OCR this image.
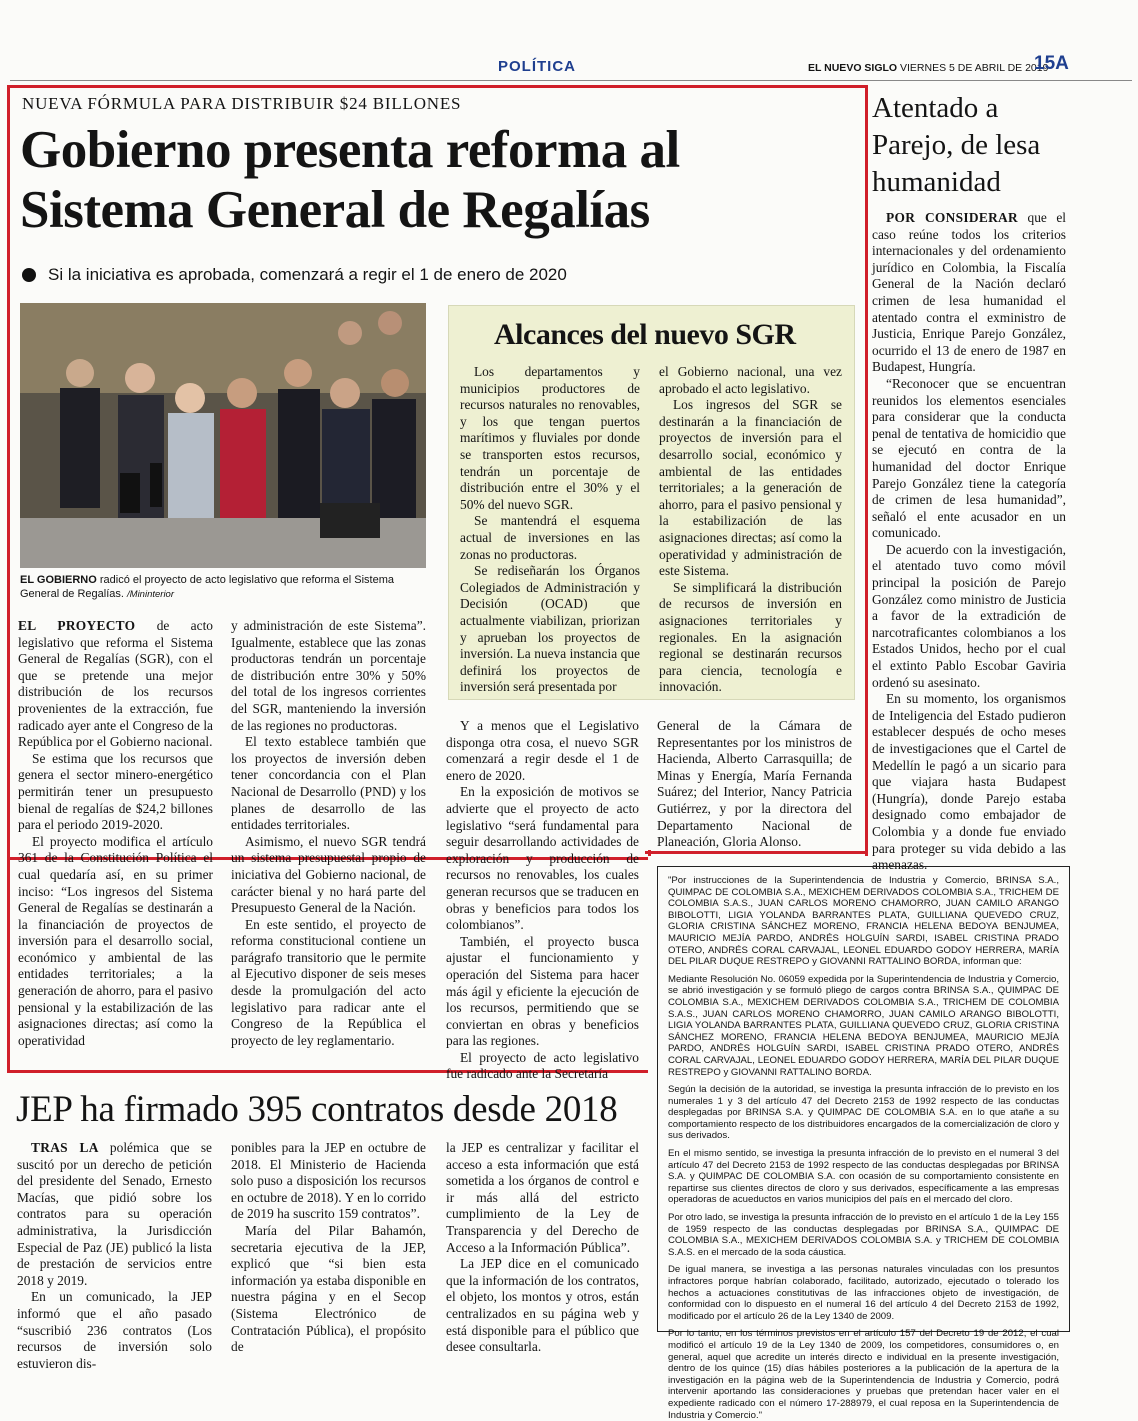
POLÍTICA	EL NUEVO SIGLO VIERNES 5 DE ABRIL DE 2019
15A
NUEVA FÓRMULA PARA DISTRIBUIR $24 BILLONES
Gobierno presenta reforma al
Sistema General de Regalías
Si la iniciativa es aprobada, comenzará a regir el 1 de enero de 2020
EL GOBIERNO radicó el proyecto de acto legislativo que reforma el Sistema General de Regalías. /Mininterior
Alcances del nuevo SGR

Los departamentos y municipios productores de recursos naturales no renovables, y los que tengan puertos marítimos y fluviales por donde se transporten estos recursos, tendrán un porcentaje de distribución entre el 30% y el 50% del nuevo SGR.

Se mantendrá el esquema actual de inversiones en las zonas no productoras.

Se redisеñarán los Órganos Colegiados de Administración y Decisión (OCAD) que actualmente viabilizan, priorizan y aprueban los proyectos de inversión. La nueva instancia que definirá los proyectos de inversión será presentada por

el Gobierno nacional, una vez aprobado el acto legislativo.

Los ingresos del SGR se destinarán a la financiación de proyectos de inversión para el desarrollo social, económico y ambiental de las entidades territoriales; a la generación de ahorro, para el pasivo pensional y la estabilización de las asignaciones directas; así como la operatividad y administración de este Sistema.

Se simplificará la distribución de recursos de inversión en asignaciones territoriales y regionales. En la asignación regional se destinarán recursos para ciencia, tecnología e innovación.

EL PROYECTO de acto legislativo que reforma el Sistema General de Regalías (SGR), con el que se pretende una mejor distribución de los recursos provenientes de la extracción, fue radicado ayer ante el Congreso de la República por el Gobierno nacional.

Se estima que los recursos que genera el sector minero-energético permitirán tener un presupuesto bienal de regalías de $24,2 billones para el periodo 2019-2020.

El proyecto modifica el artículo 361 de la Constitución Política el cual quedaría así, en su primer inciso: “Los ingresos del Sistema General de Regalías se destinarán a la financiación de proyectos de inversión para el desarrollo social, económico y ambiental de las entidades territoriales; a la generación de ahorro, para el pasivo pensional y la estabilización de las asignaciones directas; así como la operatividad

y administración de este Sistema”. Igualmente, establece que las zonas productoras tendrán un porcentaje de distribución entre 30% y 50% del total de los ingresos corrientes del SGR, manteniendo la inversión de las regiones no productoras.

El texto establece también que los proyectos de inversión deben tener concordancia con el Plan Nacional de Desarrollo (PND) y los planes de desarrollo de las entidades territoriales.

Asimismo, el nuevo SGR tendrá un sistema presupuestal propio de iniciativa del Gobierno nacional, de carácter bienal y no hará parte del Presupuesto General de la Nación.

En este sentido, el proyecto de reforma constitucional contiene un parágrafo transitorio que le permite al Ejecutivo disponer de seis meses desde la promulgación del acto legislativo para radicar ante el Congreso de la República el proyecto de ley reglamentario.

Y a menos que el Legislativo disponga otra cosa, el nuevo SGR comenzará a regir desde el 1 de enero de 2020.

En la exposición de motivos se advierte que el proyecto de acto legislativo “será fundamental para seguir desarrollando actividades de exploración y producción de recursos no renovables, los cuales generan recursos que se traducen en obras y beneficios para todos los colombianos”.

También, el proyecto busca ajustar el funcionamiento y operación del Sistema para hacer más ágil y eficiente la ejecución de los recursos, permitiendo que se conviertan en obras y beneficios para las regiones.

El proyecto de acto legislativo fue radicado ante la Secretaría

General de la Cámara de Representantes por los ministros de Hacienda, Alberto Carrasquilla; de Minas y Energía, María Fernanda Suárez; del Interior, Nancy Patricia Gutiérrez, y por la directora del Departamento Nacional de Planeación, Gloria Alonso.

Atentado a Parejo, de lesa humanidad

POR CONSIDERAR que el caso reúne todos los criterios internacionales y del ordenamiento jurídico en Colombia, la Fiscalía General de la Nación declaró crimen de lesa humanidad el atentado contra el exministro de Justicia, Enrique Parejo González, ocurrido el 13 de enero de 1987 en Budapest, Hungría.

“Reconocer que se encuentran reunidos los elementos esenciales para considerar que la conducta penal de tentativa de homicidio que se ejecutó en contra de la humanidad del doctor Enrique Parejo González tiene la categoría de crimen de lesa humanidad”, señaló el ente acusador en un comunicado.

De acuerdo con la investigación, el atentado tuvo como móvil principal la posición de Parejo González como ministro de Justicia a favor de la extradición de narcotraficantes colombianos a los Estados Unidos, hecho por el cual el extinto Pablo Escobar Gaviria ordenó su asesinato.

En su momento, los organismos de Inteligencia del Estado pudieron establecer después de ocho meses de investigaciones que el Cartel de Medellín le pagó a un sicario para que viajara hasta Budapest (Hungría), donde Parejo estaba designado como embajador de Colombia y a donde fue enviado para proteger su vida debido a las amenazas.

JEP ha firmado 395 contratos desde 2018

TRAS LA polémica que se suscitó por un derecho de petición del presidente del Senado, Ernesto Macías, que pidió sobre los contratos para su operación administrativa, la Jurisdicción Especial de Paz (JE) publicó la lista de prestación de servicios entre 2018 y 2019.

En un comunicado, la JEP informó que el año pasado “suscribió 236 contratos (Los recursos de inversión solo estuvieron dis-

ponibles para la JEP en octubre de 2018. El Ministerio de Hacienda solo puso a disposición los recursos en octubre de 2018). Y en lo corrido de 2019 ha suscrito 159 contratos”.

María del Pilar Bahamón, secretaria ejecutiva de la JEP, explicó que “si bien esta información ya estaba disponible en nuestra página y en el Secop (Sistema Electrónico de Contratación Pública), el propósito de

la JEP es centralizar y facilitar el acceso a esta información que está sometida a los órganos de control e ir más allá del estricto cumplimiento de la Ley de Transparencia y del Derecho de Acceso a la Información Pública”.

La JEP dice en el comunicado que la información de los contratos, el objeto, los montos y otros, están centralizados en su página web y está disponible para el público que desee consultarla.

"Por instrucciones de la Superintendencia de Industria y Comercio, BRINSA S.A., QUIMPAC DE COLOMBIA S.A., MEXICHEM DERIVADOS COLOMBIA S.A., TRICHEM DE COLOMBIA S.A.S., JUAN CARLOS MORENO CHAMORRO, JUAN CAMILO ARANGO BIBOLOTTI, LIGIA YOLANDA BARRANTES PLATA, GUILLIANA QUEVEDO CRUZ, GLORIA CRISTINA SÁNCHEZ MORENO, FRANCIA HELENA BEDOYA BENJUMEA, MAURICIO MEJÍA PARDO, ANDRÉS HOLGUÍN SARDI, ISABEL CRISTINA PRADO OTERO, ANDRÉS CORAL CARVAJAL, LEONEL EDUARDO GODOY HERRERA, MARÍA DEL PILAR DUQUE RESTREPO y GIOVANNI RATTALINO BORDA, informan que:

Mediante Resolución No. 06059 expedida por la Superintendencia de Industria y Comercio, se abrió investigación y se formuló pliego de cargos contra BRINSA S.A., QUIMPAC DE COLOMBIA S.A., MEXICHEM DERIVADOS COLOMBIA S.A., TRICHEM DE COLOMBIA S.A.S., JUAN CARLOS MORENO CHAMORRO, JUAN CAMILO ARANGO BIBOLOTTI, LIGIA YOLANDA BARRANTES PLATA, GUILLIANA QUEVEDO CRUZ, GLORIA CRISTINA SÁNCHEZ MORENO, FRANCIA HELENA BEDOYA BENJUMEA, MAURICIO MEJÍA PARDO, ANDRÉS HOLGUÍN SARDI, ISABEL CRISTINA PRADO OTERO, ANDRÉS CORAL CARVAJAL, LEONEL EDUARDO GODOY HERRERA, MARÍA DEL PILAR DUQUE RESTREPO y GIOVANNI RATTALINO BORDA.

Según la decisión de la autoridad, se investiga la presunta infracción de lo previsto en los numerales 1 y 3 del artículo 47 del Decreto 2153 de 1992 respecto de las conductas desplegadas por BRINSA S.A. y QUIMPAC DE COLOMBIA S.A. en lo que atañe a su comportamiento respecto de los distribuidores encargados de la comercialización de cloro y sus derivados.

En el mismo sentido, se investiga la presunta infracción de lo previsto en el numeral 3 del artículo 47 del Decreto 2153 de 1992 respecto de las conductas desplegadas por BRINSA S.A. y QUIMPAC DE COLOMBIA S.A. con ocasión de su comportamiento consistente en repartirse sus clientes directos de cloro y sus derivados, específicamente a las empresas operadoras de acueductos en varios municipios del país en el mercado del cloro.

Por otro lado, se investiga la presunta infracción de lo previsto en el artículo 1 de la Ley 155 de 1959 respecto de las conductas desplegadas por BRINSA S.A., QUIMPAC DE COLOMBIA S.A., MEXICHEM DERIVADOS COLOMBIA S.A. y TRICHEM DE COLOMBIA S.A.S. en el mercado de la soda cáustica.

De igual manera, se investiga a las personas naturales vinculadas con los presuntos infractores porque habrían colaborado, facilitado, autorizado, ejecutado o tolerado los hechos a actuaciones constitutivas de las infracciones objeto de investigación, de conformidad con lo dispuesto en el numeral 16 del artículo 4 del Decreto 2153 de 1992, modificado por el artículo 26 de la Ley 1340 de 2009.

Por lo tanto, en los términos previstos en el artículo 157 del Decreto 19 de 2012, el cual modificó el artículo 19 de la Ley 1340 de 2009, los competidores, consumidores o, en general, aquel que acredite un interés directo e individual en la presente investigación, dentro de los quince (15) días hábiles posteriores a la publicación de la apertura de la investigación en la página web de la Superintendencia de Industria y Comercio, podrá intervenir aportando las consideraciones y pruebas que pretendan hacer valer en el expediente radicado con el número 17-288979, el cual reposa en la Superintendencia de Industria y Comercio."
